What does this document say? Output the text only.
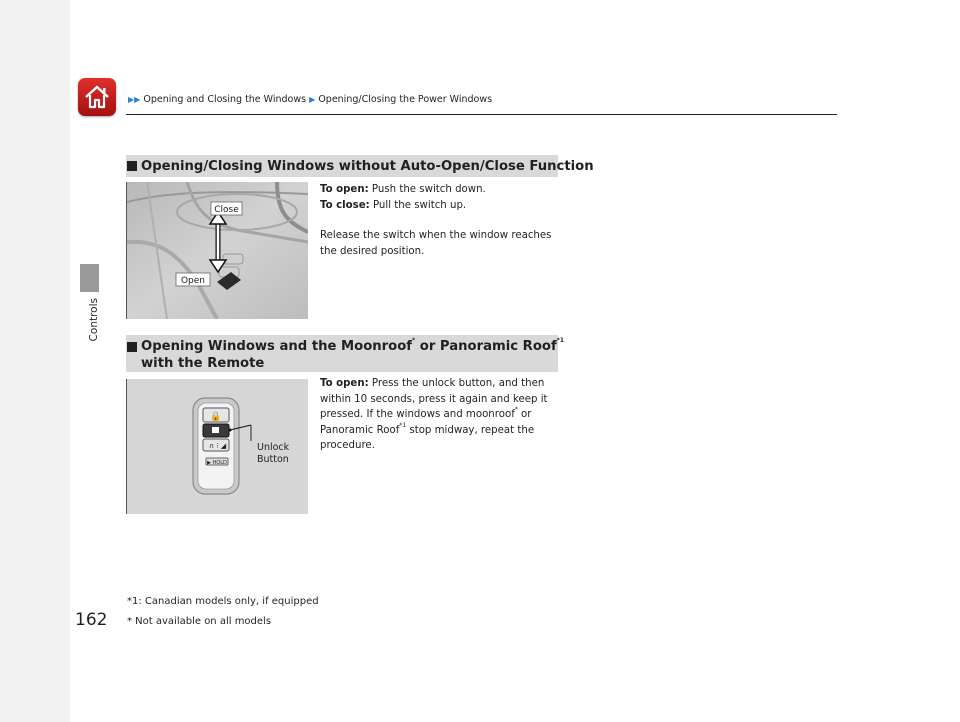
Controls
162
▶▶ Opening and Closing the Windows ▶ Opening/Closing the Power Windows
Opening/Closing Windows without Auto-Open/Close Function
Close
Open
To open: Push the switch down.
To close: Pull the switch up.
Release the switch when the window reaches
the desired position.
Opening Windows and the Moonroof* or Panoramic Roof$^{*1}$
with the Remote
🔒
∩ ⁝ ◢
▶ HOLD
Unlock
Button
To open: Press the unlock button, and then
within 10 seconds, press it again and keep it
pressed. If the windows and moonroof* or
Panoramic Roof$^{*1}$ stop midway, repeat the
procedure.
*1: Canadian models only, if equipped
* Not available on all models
